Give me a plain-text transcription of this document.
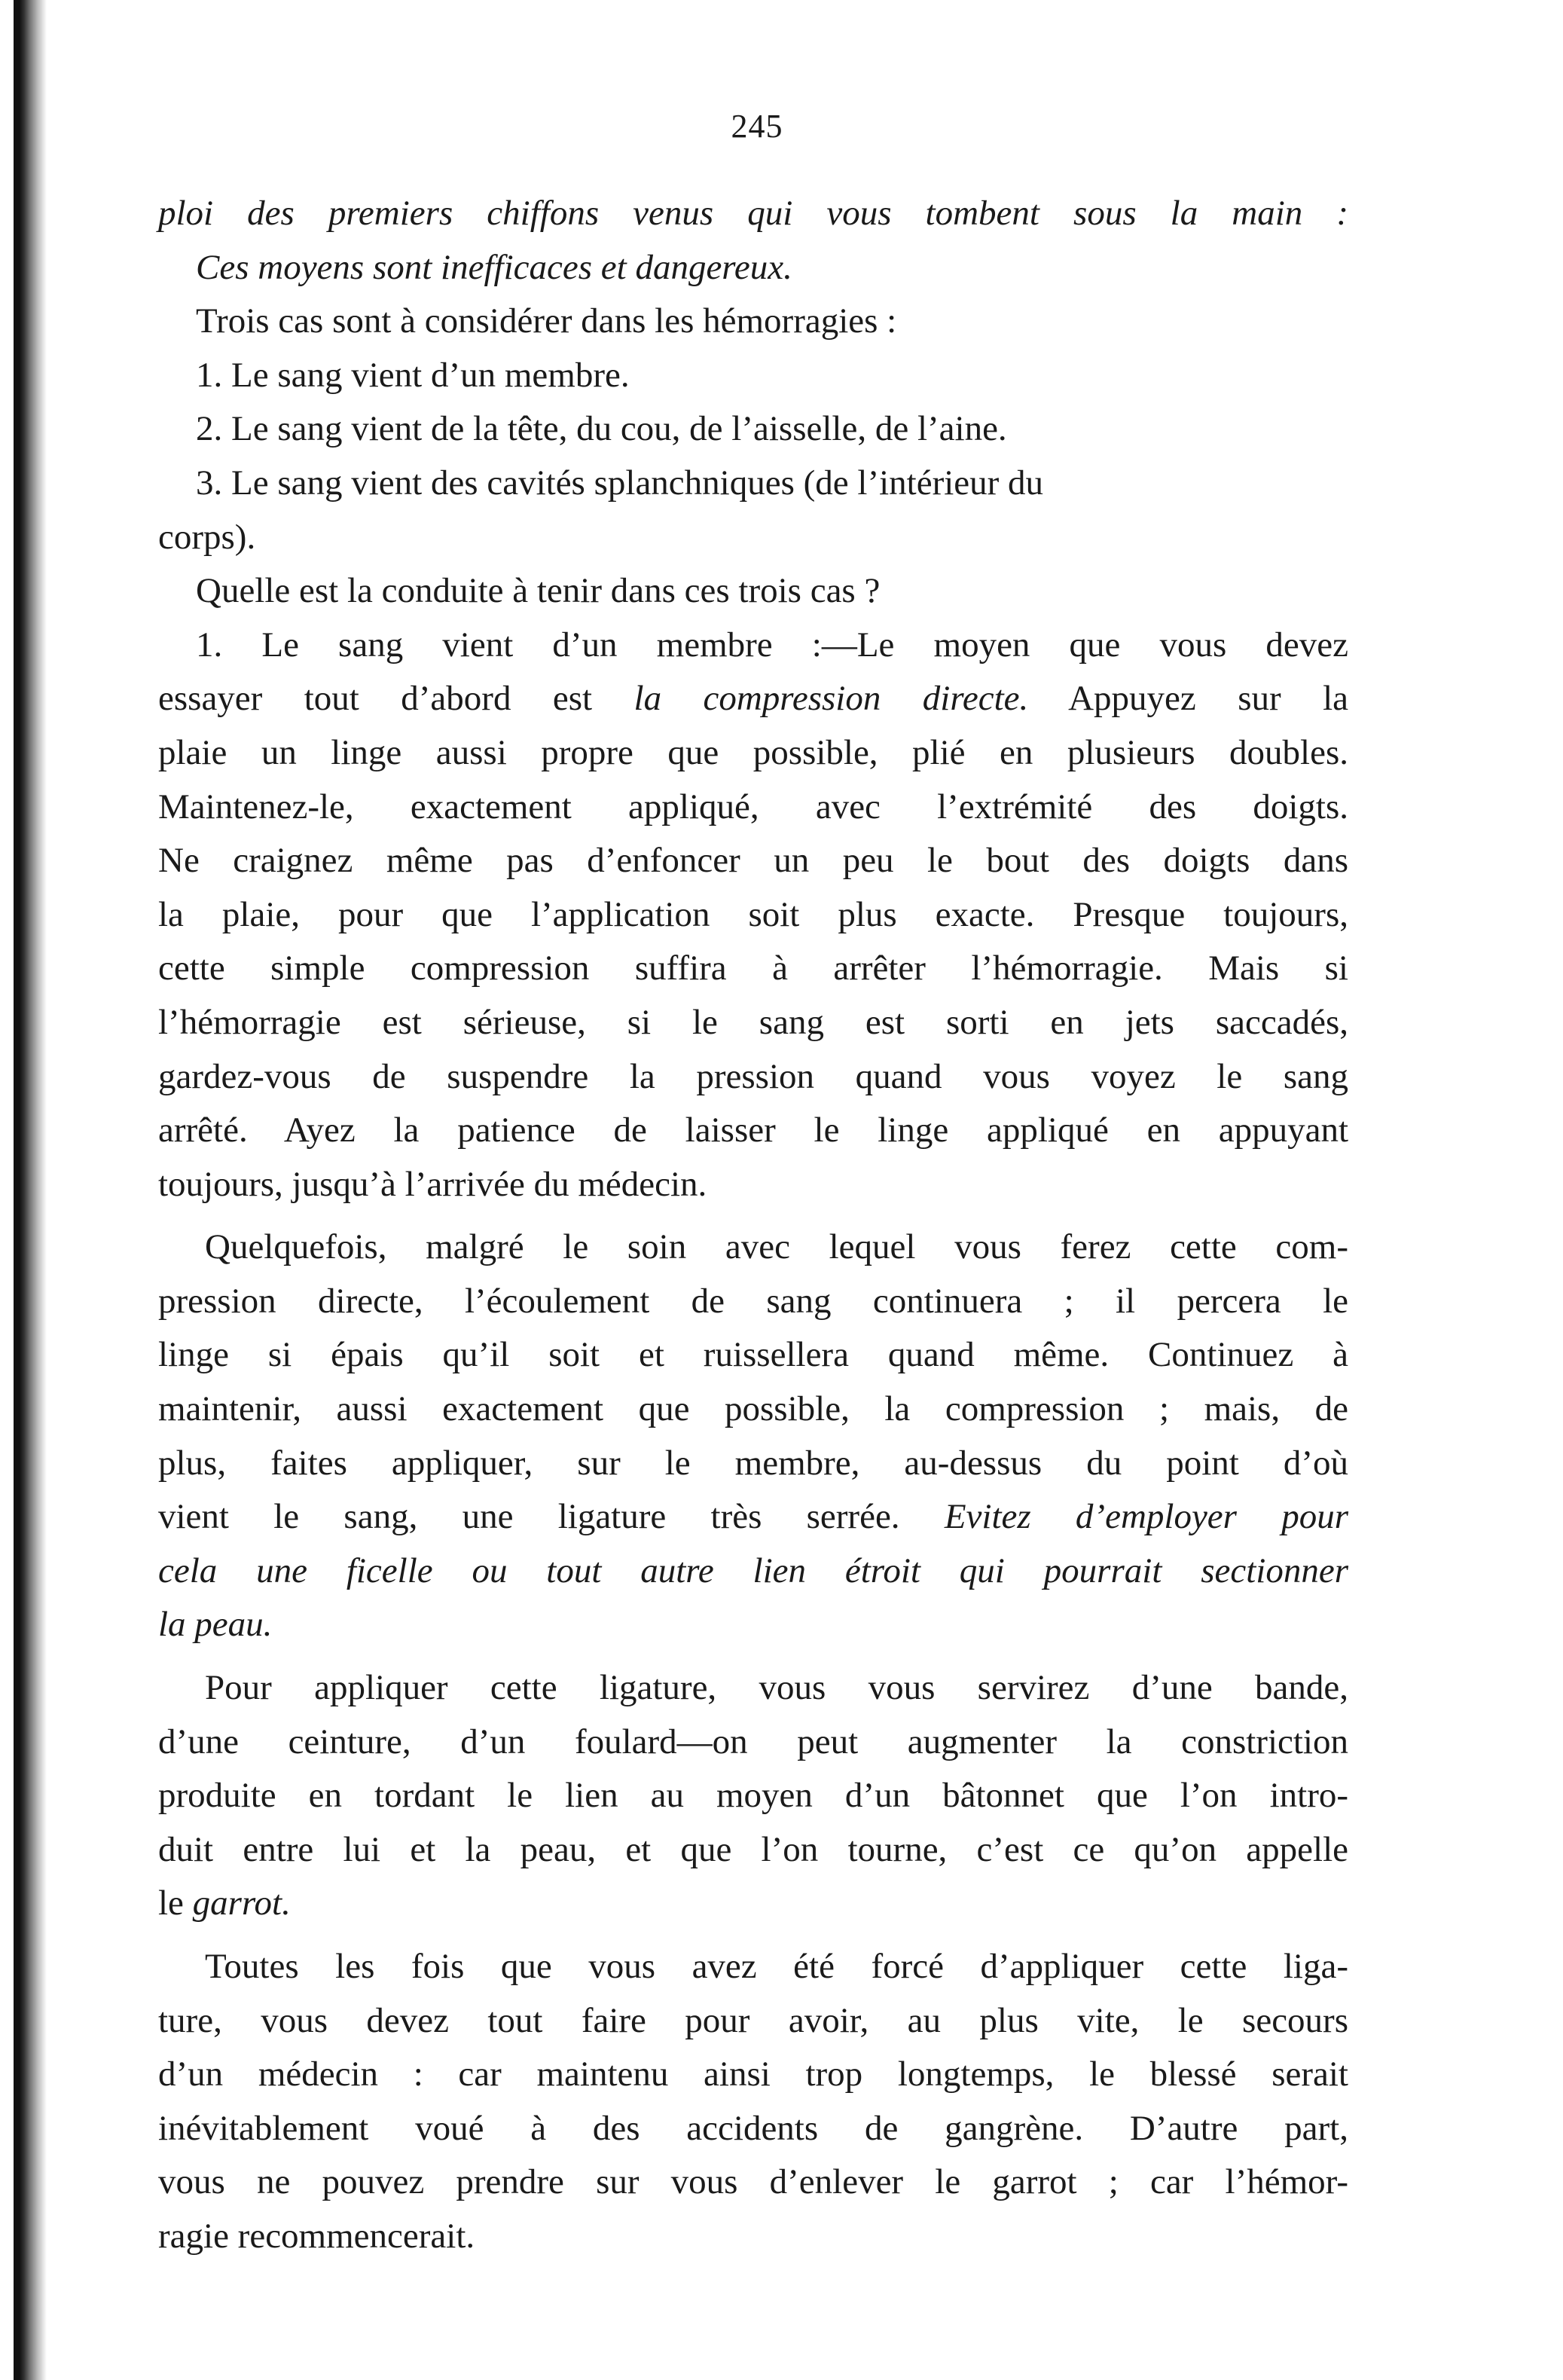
245
ploi des premiers chiffons venus qui vous tombent sous la main :
Ces moyens sont inefficaces et dangereux.
Trois cas sont à considérer dans les hémorragies :
1. Le sang vient d’un membre.
2. Le sang vient de la tête, du cou, de l’aisselle, de l’aine.
3. Le sang vient des cavités splanchniques (de l’intérieur du
corps).
Quelle est la conduite à tenir dans ces trois cas ?
1. Le sang vient d’un membre :—Le moyen que vous devez
essayer tout d’abord est la compression directe. Appuyez sur la
plaie un linge aussi propre que possible, plié en plusieurs doubles.
Maintenez-le, exactement appliqué, avec l’extrémité des doigts.
Ne craignez même pas d’enfoncer un peu le bout des doigts dans
la plaie, pour que l’application soit plus exacte. Presque toujours,
cette simple compression suffira à arrêter l’hémorragie. Mais si
l’hémorragie est sérieuse, si le sang est sorti en jets saccadés,
gardez-vous de suspendre la pression quand vous voyez le sang
arrêté. Ayez la patience de laisser le linge appliqué en appuyant
toujours, jusqu’à l’arrivée du médecin.
Quelquefois, malgré le soin avec lequel vous ferez cette com-
pression directe, l’écoulement de sang continuera ; il percera le
linge si épais qu’il soit et ruissellera quand même. Continuez à
maintenir, aussi exactement que possible, la compression ; mais, de
plus, faites appliquer, sur le membre, au-dessus du point d’où
vient le sang, une ligature très serrée. Evitez d’employer pour
cela une ficelle ou tout autre lien étroit qui pourrait sectionner
la peau.
Pour appliquer cette ligature, vous vous servirez d’une bande,
d’une ceinture, d’un foulard—on peut augmenter la constriction
produite en tordant le lien au moyen d’un bâtonnet que l’on intro-
duit entre lui et la peau, et que l’on tourne, c’est ce qu’on appelle
le garrot.
Toutes les fois que vous avez été forcé d’appliquer cette liga-
ture, vous devez tout faire pour avoir, au plus vite, le secours
d’un médecin : car maintenu ainsi trop longtemps, le blessé serait
inévitablement voué à des accidents de gangrène. D’autre part,
vous ne pouvez prendre sur vous d’enlever le garrot ; car l’hémor-
ragie recommencerait.
